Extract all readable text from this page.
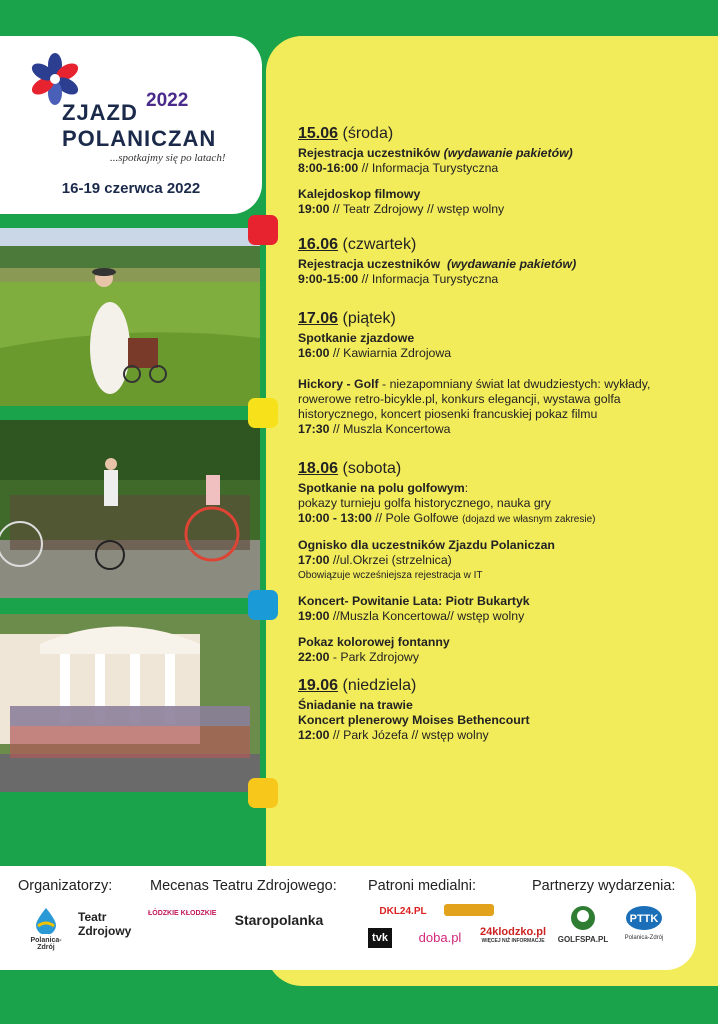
ZJAZD 2022
POLANICZAN
...spotkajmy się po latach!
16-19 czerwca 2022
15.06 (środa)
Rejestracja uczestników (wydawanie pakietów)
8:00-16:00 // Informacja Turystyczna
Kalejdoskop filmowy
19:00 // Teatr Zdrojowy // wstęp wolny
16.06 (czwartek)
Rejestracja uczestników (wydawanie pakietów)
9:00-15:00 // Informacja Turystyczna
17.06 (piątek)
Spotkanie zjazdowe
16:00 // Kawiarnia Zdrojowa
Hickory - Golf - niezapomniany świat lat dwudziestych: wykłady, rowerowe retro-bicykle.pl, konkurs elegancji, wystawa golfa historycznego, koncert piosenki francuskiej pokaz filmu
17:30 // Muszla Koncertowa
18.06 (sobota)
Spotkanie na polu golfowym:
pokazy turnieju golfa historycznego, nauka gry
10:00 - 13:00 // Pole Golfowe (dojazd we własnym zakresie)
Ognisko dla uczestników Zjazdu Polaniczan
17:00 //ul.Okrzei (strzelnica)
Obowiązuje wcześniejsza rejestracja w IT
Koncert- Powitanie Lata: Piotr Bukartyk
19:00 //Muszla Koncertowa// wstęp wolny
Pokaz kolorowej fontanny
22:00 - Park Zdrojowy
19.06 (niedziela)
Śniadanie na trawie
Koncert plenerowy Moises Bethencourt
12:00 // Park Józefa // wstęp wolny
Organizatorzy:	Mecenas Teatru Zdrojowego: Patroni medialni:	Partnerzy wydarzenia:
Polanica-Zdrój
Teatr Zdrojowy
ŁÓDZKIE KŁODZKIE Staropolanka
DKL24.PL
tvk	doba.pl	24klodzko.pl
WIĘCEJ NIŻ INFORMACJE	GOLFSPA.PL
PTTK
Polanica-Zdrój
